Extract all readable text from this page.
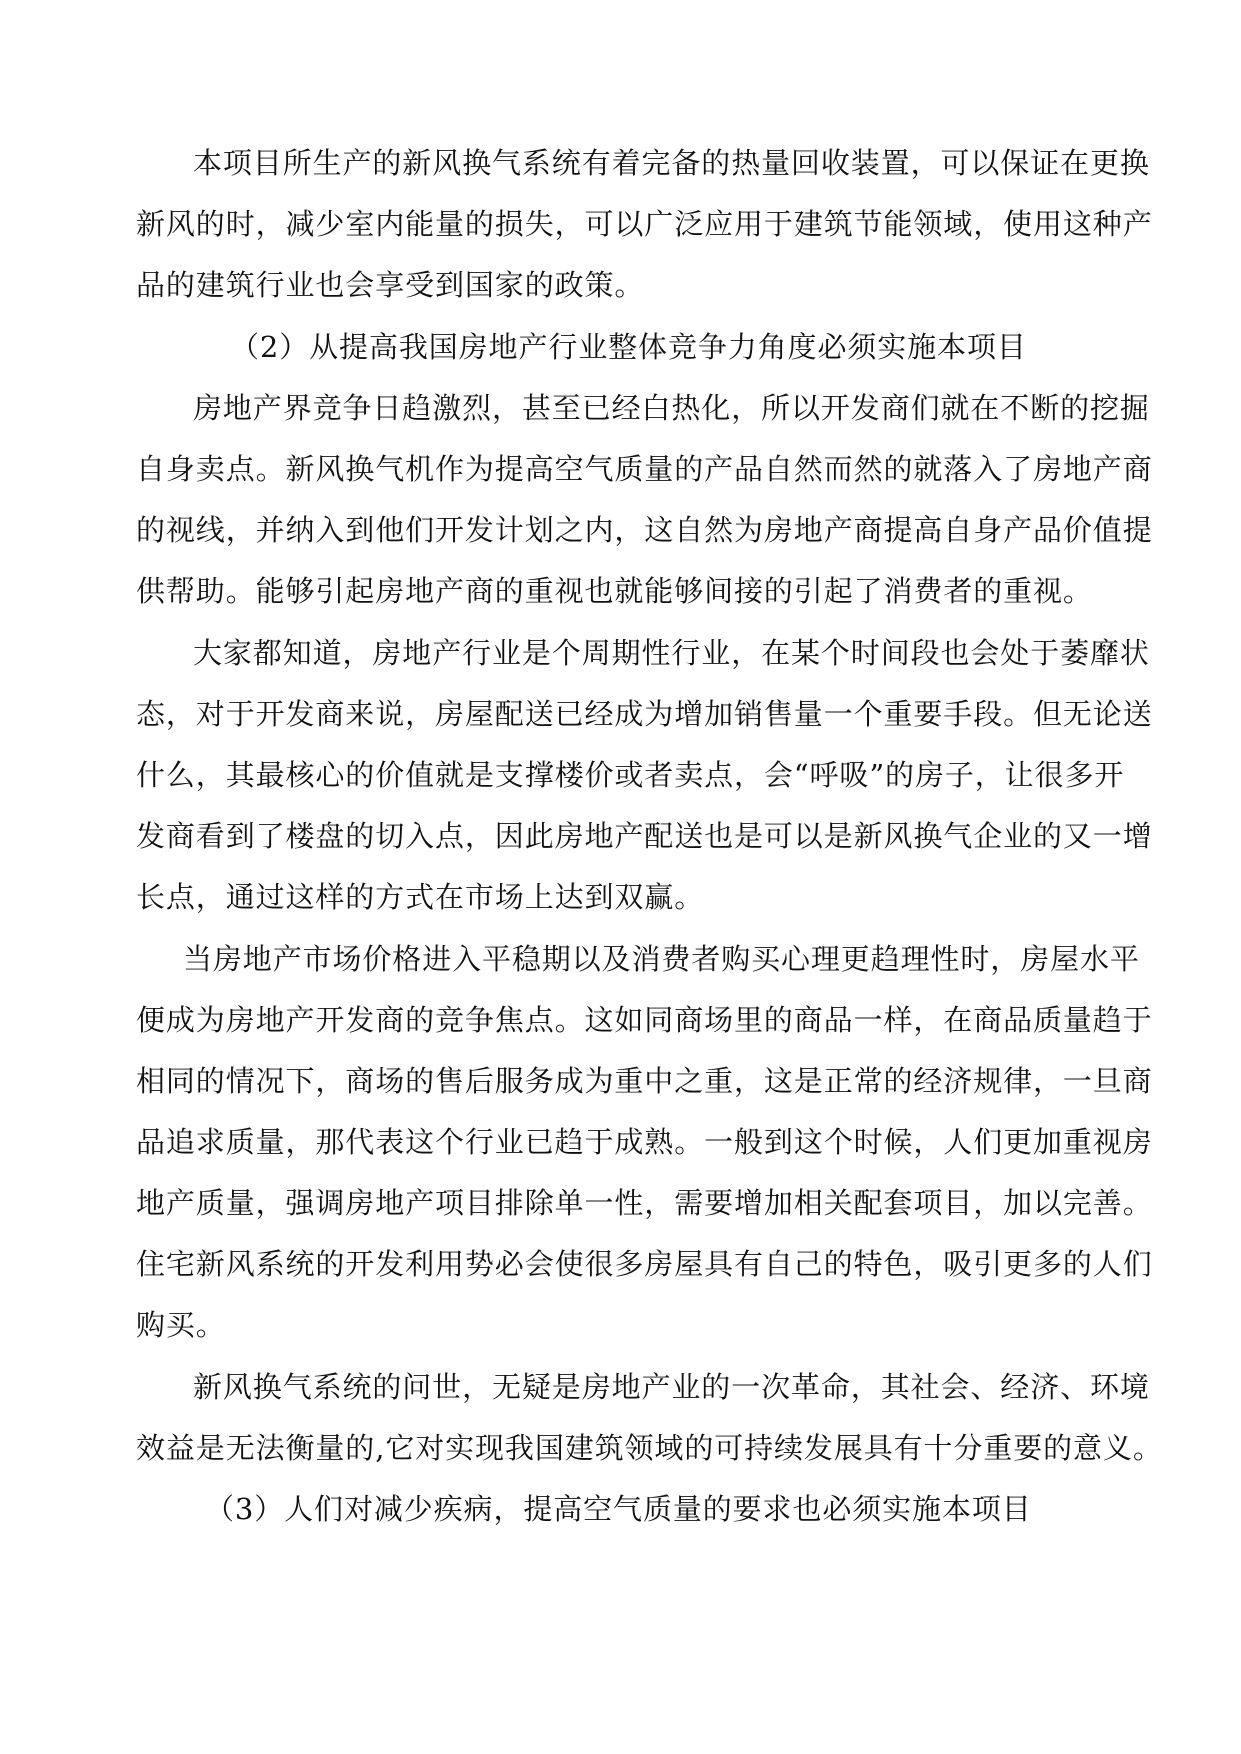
本项目所生产的新风换气系统有着完备的热量回收装置，可以保证在更换
新风的时，减少室内能量的损失，可以广泛应用于建筑节能领域，使用这种产
品的建筑行业也会享受到国家的政策。
（2）从提高我国房地产行业整体竞争力角度必须实施本项目
房地产界竞争日趋激烈，甚至已经白热化，所以开发商们就在不断的挖掘
自身卖点。新风换气机作为提高空气质量的产品自然而然的就落入了房地产商
的视线，并纳入到他们开发计划之内，这自然为房地产商提高自身产品价值提
供帮助。能够引起房地产商的重视也就能够间接的引起了消费者的重视。
大家都知道，房地产行业是个周期性行业，在某个时间段也会处于萎靡状
态，对于开发商来说，房屋配送已经成为增加销售量一个重要手段。但无论送
什么，其最核心的价值就是支撑楼价或者卖点，会“呼吸”的房子，让很多开
发商看到了楼盘的切入点，因此房地产配送也是可以是新风换气企业的又一增
长点，通过这样的方式在市场上达到双赢。
当房地产市场价格进入平稳期以及消费者购买心理更趋理性时，房屋水平
便成为房地产开发商的竞争焦点。这如同商场里的商品一样，在商品质量趋于
相同的情况下，商场的售后服务成为重中之重，这是正常的经济规律，一旦商
品追求质量，那代表这个行业已趋于成熟。一般到这个时候，人们更加重视房
地产质量，强调房地产项目排除单一性，需要增加相关配套项目，加以完善。
住宅新风系统的开发利用势必会使很多房屋具有自己的特色，吸引更多的人们
购买。
新风换气系统的问世，无疑是房地产业的一次革命，其社会、经济、环境
效益是无法衡量的,它对实现我国建筑领域的可持续发展具有十分重要的意义。
（3）人们对减少疾病，提高空气质量的要求也必须实施本项目
